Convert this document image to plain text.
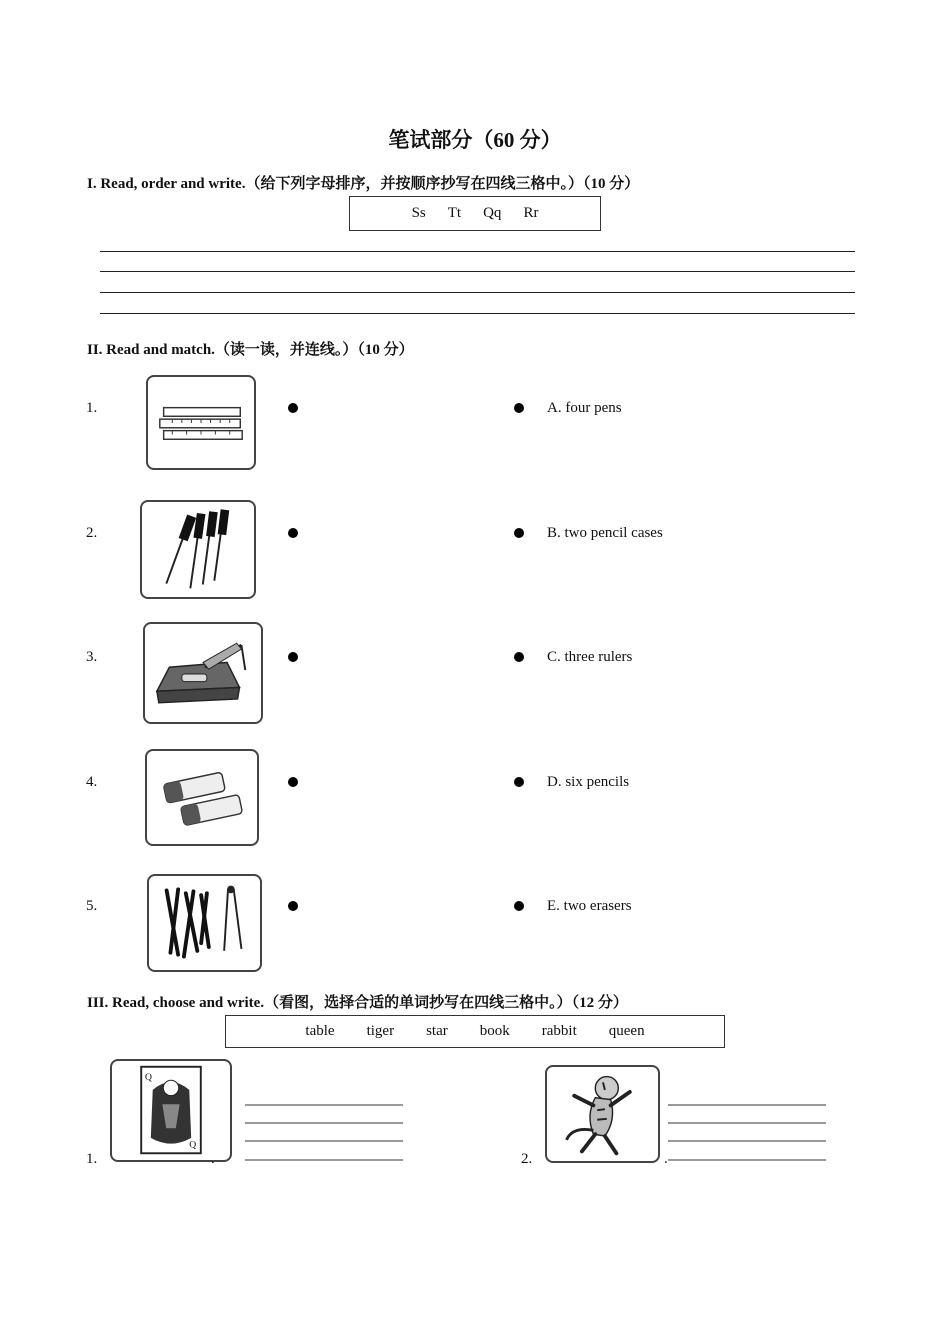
笔试部分（60 分）
I. Read, order and write.（给下列字母排序，并按顺序抄写在四线三格中。）（10 分）
Ss Tt Qq Rr
II. Read and match.（读一读，并连线。）（10 分）
1.	A. four pens
2.	B. two pencil cases
3.	C. three rulers
4.	D. six pencils
5.	E. two erasers
III. Read, choose and write.（看图，选择合适的单词抄写在四线三格中。）（12 分）
table tiger star book rabbit queen
1.
Q
Q
.	2.	.
